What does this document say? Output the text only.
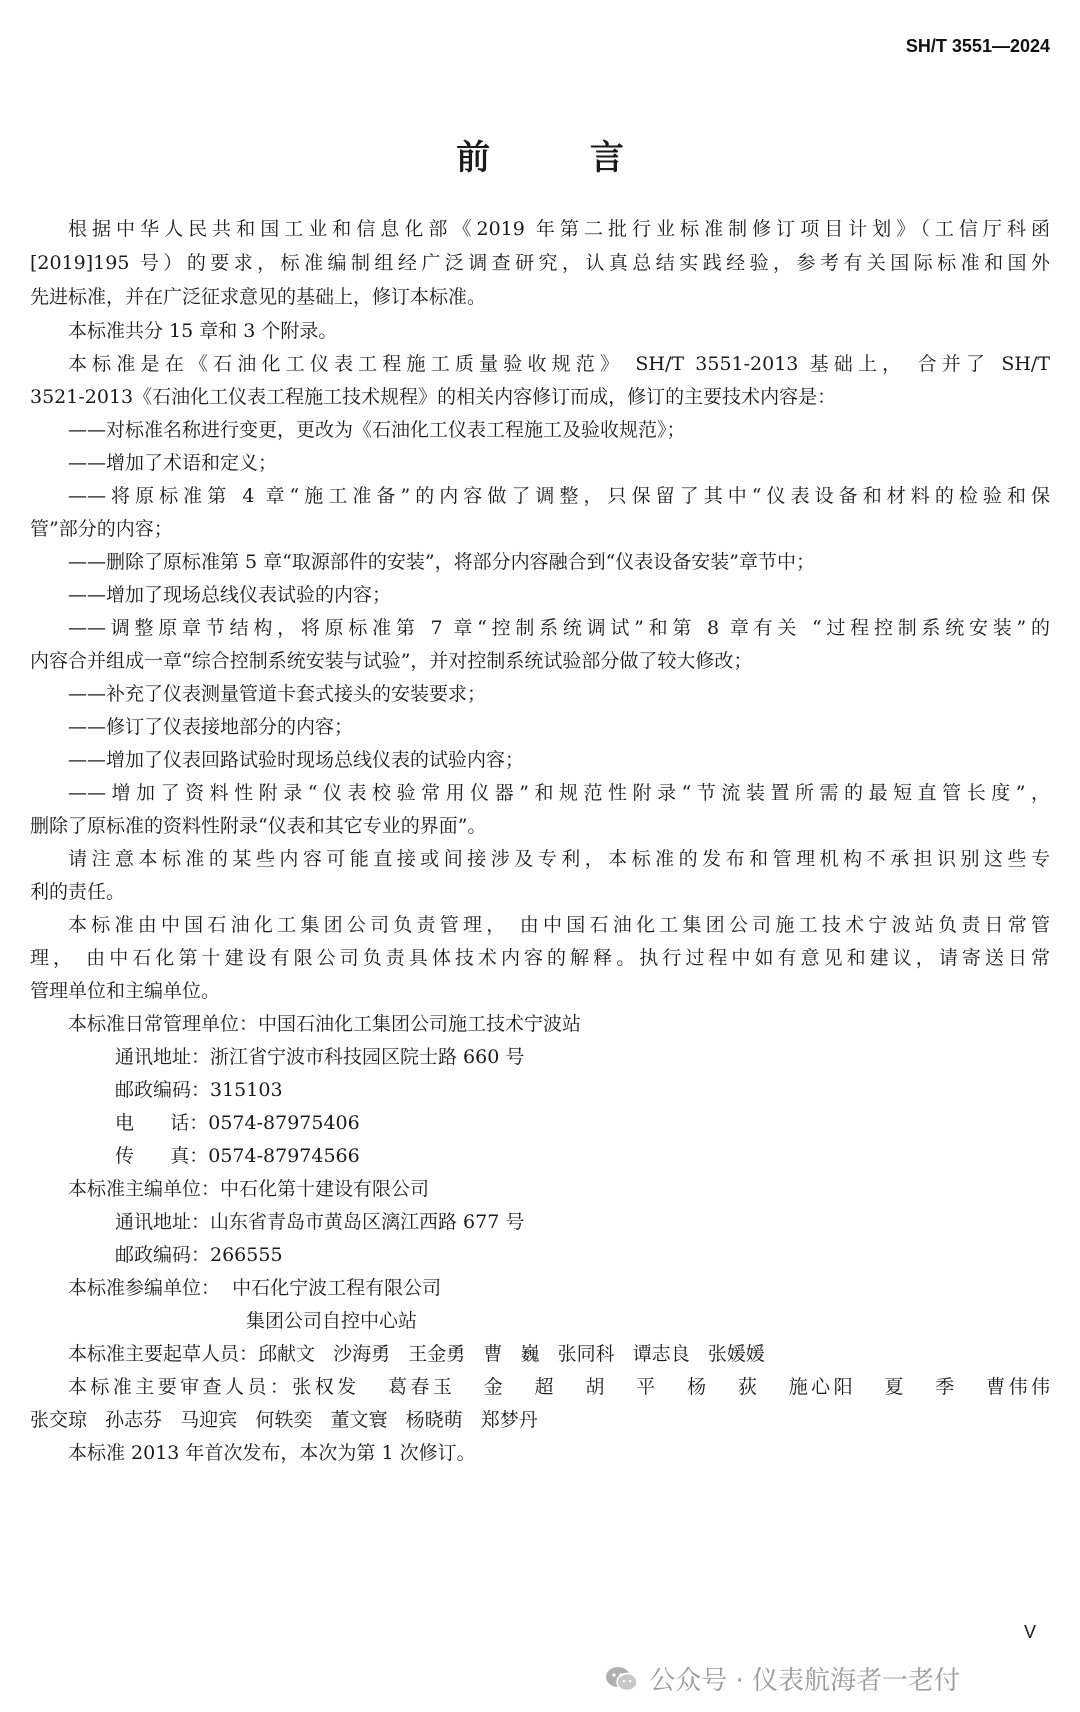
SH/T 3551—2024
前 言
根据中华人民共和国工业和信息化部《2019 年第二批行业标准制修订项目计划》（工信厅科函
[2019]195 号）的要求，标准编制组经广泛调查研究，认真总结实践经验，参考有关国际标准和国外
先进标准，并在广泛征求意见的基础上，修订本标准。
本标准共分 15 章和 3 个附录。
本标准是在《石油化工仪表工程施工质量验收规范》 SH/T 3551-2013 基础上， 合并了 SH/T
3521-2013《石油化工仪表工程施工技术规程》的相关内容修订而成，修订的主要技术内容是：
——对标准名称进行变更，更改为《石油化工仪表工程施工及验收规范》；
——增加了术语和定义；
——将原标准第 4 章“施工准备”的内容做了调整，只保留了其中“仪表设备和材料的检验和保
管”部分的内容；
——删除了原标准第 5 章“取源部件的安装”，将部分内容融合到“仪表设备安装”章节中；
——增加了现场总线仪表试验的内容；
——调整原章节结构，将原标准第 7 章“控制系统调试”和第 8 章有关 “过程控制系统安装”的
内容合并组成一章“综合控制系统安装与试验”，并对控制系统试验部分做了较大修改；
——补充了仪表测量管道卡套式接头的安装要求；
——修订了仪表接地部分的内容；
——增加了仪表回路试验时现场总线仪表的试验内容；
——增加了资料性附录“仪表校验常用仪器”和规范性附录“节流装置所需的最短直管长度”，
删除了原标准的资料性附录“仪表和其它专业的界面”。
请注意本标准的某些内容可能直接或间接涉及专利，本标准的发布和管理机构不承担识别这些专
利的责任。
本标准由中国石油化工集团公司负责管理， 由中国石油化工集团公司施工技术宁波站负责日常管
理， 由中石化第十建设有限公司负责具体技术内容的解释。执行过程中如有意见和建议，请寄送日常
管理单位和主编单位。
本标准日常管理单位：中国石油化工集团公司施工技术宁波站
通讯地址：浙江省宁波市科技园区院士路 660 号
邮政编码：315103
电      话：0574-87975406
传      真：0574-87974566
本标准主编单位：中石化第十建设有限公司
通讯地址：山东省青岛市黄岛区漓江西路 677 号
邮政编码：266555
本标准参编单位：  中石化宁波工程有限公司
集团公司自控中心站
本标准主要起草人员：邱献文   沙海勇   王金勇   曹   巍   张同科   谭志良   张媛媛
本标准主要审查人员：张权发   葛春玉   金   超   胡   平   杨   荻   施心阳   夏   季   曹伟伟
张交琼   孙志芬   马迎宾   何轶奕   董文寰   杨晓萌   郑梦丹
本标准 2013 年首次发布，本次为第 1 次修订。
V
公众号 · 仪表航海者一老付
